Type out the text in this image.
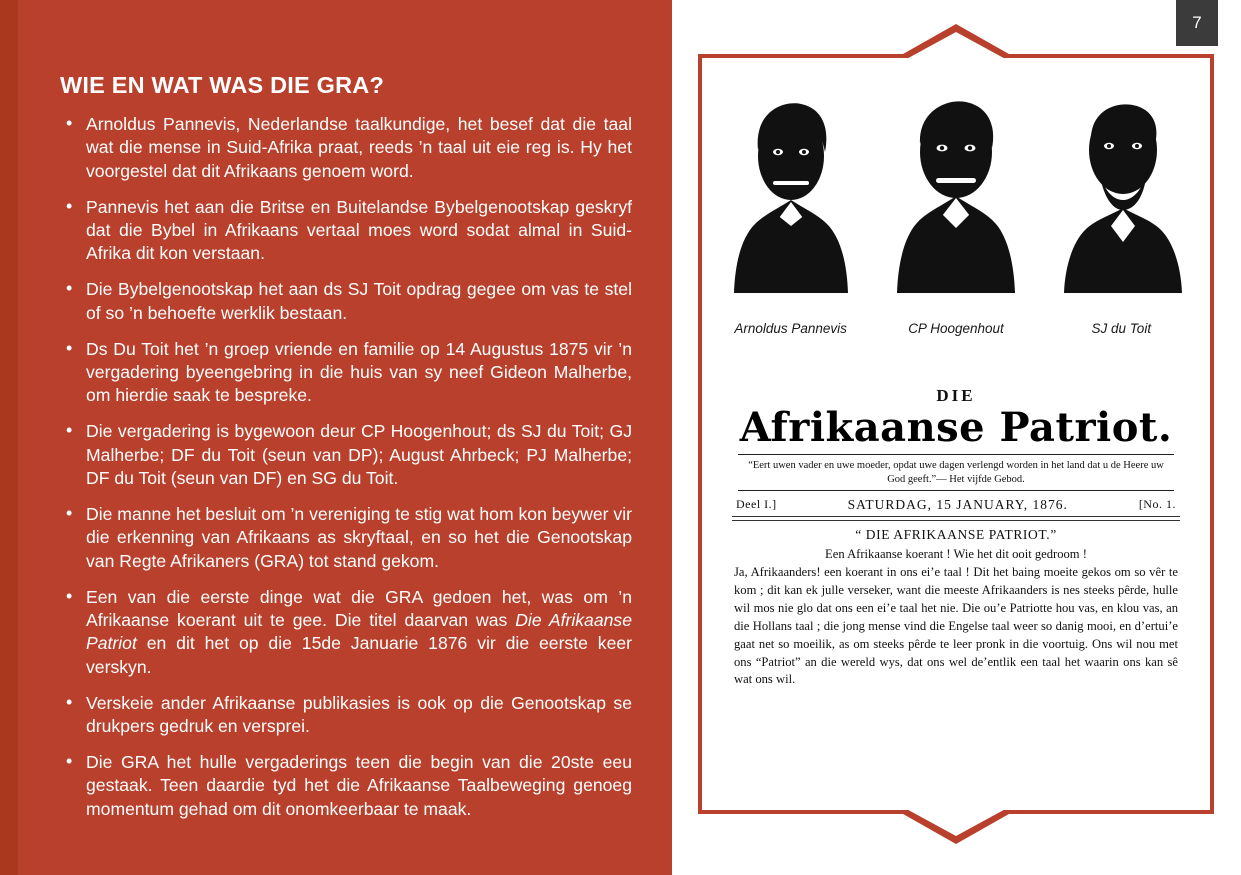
WIE EN WAT WAS DIE GRA?
• Arnoldus Pannevis, Nederlandse taalkundige, het besef dat die taal wat die mense in Suid-Afrika praat, reeds ’n taal uit eie reg is. Hy het voorgestel dat dit Afrikaans genoem word.
• Pannevis het aan die Britse en Buitelandse Bybelgenootskap geskryf dat die Bybel in Afrikaans vertaal moes word sodat almal in Suid-Afrika dit kon verstaan.
• Die Bybelgenootskap het aan ds SJ Toit opdrag gegee om vas te stel of so ’n behoefte werklik bestaan.
• Ds Du Toit het ’n groep vriende en familie op 14 Augustus 1875 vir ’n vergadering byeengebring in die huis van sy neef Gideon Malherbe, om hierdie saak te bespreke.
• Die vergadering is bygewoon deur CP Hoogenhout; ds SJ du Toit; GJ Malherbe; DF du Toit (seun van DP); August Ahrbeck; PJ Malherbe; DF du Toit (seun van DF) en SG du Toit.
• Die manne het besluit om ’n vereniging te stig wat hom kon beywer vir die erkenning van Afrikaans as skryftaal, en so het die Genootskap van Regte Afrikaners (GRA) tot stand gekom.
• Een van die eerste dinge wat die GRA gedoen het, was om ’n Afrikaanse koerant uit te gee. Die titel daarvan was Die Afrikaanse Patriot en dit het op die 15de Januarie 1876 vir die eerste keer verskyn.
• Verskeie ander Afrikaanse publikasies is ook op die Genootskap se drukpers gedruk en versprei.
• Die GRA het hulle vergaderings teen die begin van die 20ste eeu gestaak. Teen daardie tyd het die Afrikaanse Taalbeweging genoeg momentum gehad om dit onomkeerbaar te maak.
7
Arnoldus Pannevis	CP Hoogenhout	SJ du Toit
DIE
Afrikaanse Patriot.
“Eert uwen vader en uwe moeder, opdat uwe dagen verlengd worden in het land dat u de Heere uw God geeft.”— Het vijfde Gebod.
Deel I.]	SATURDAG, 15 JANUARY, 1876.	[No. 1.
“ DIE AFRIKAANSE PATRIOT.”
Een Afrikaanse koerant ! Wie het dit ooit gedroom !
Ja, Afrikaanders! een koerant in ons ei’e taal ! Dit het baing moeite gekos om so vêr te kom ; dit kan ek julle verseker, want die meeste Afrikaanders is nes steeks pêrde, hulle wil mos nie glo dat ons een ei’e taal het nie. Die ou’e Patriotte hou vas, en klou vas, an die Hollans taal ; die jong mense vind die Engelse taal weer so danig mooi, en d’ertui’e gaat net so moeilik, as om steeks pêrde te leer pronk in die voortuig. Ons wil nou met ons “Patriot” an die wereld wys, dat ons wel de’entlik een taal het waarin ons kan sê wat ons wil.
